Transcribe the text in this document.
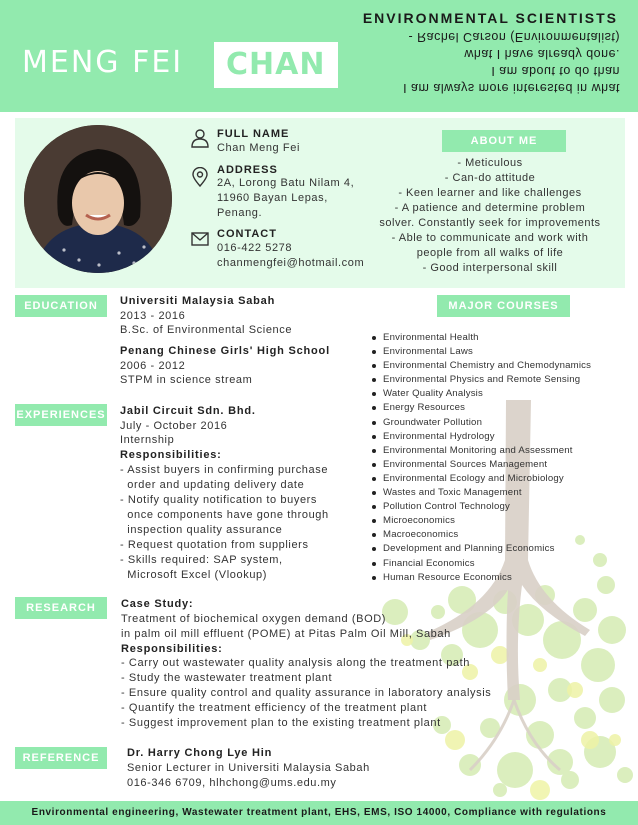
MENG FEI CHAN
ENVIRONMENTAL SCIENTISTS
I am always more interested in what
I am about to do than
what I have already done.
- Rachel Carson (Environmentalist)
FULL NAME
Chan Meng Fei
ADDRESS
2A, Lorong Batu Nilam 4,
11960 Bayan Lepas,
Penang.
CONTACT
016-422 5278
chanmengfei@hotmail.com
ABOUT ME
- Meticulous
- Can-do attitude
- Keen learner and like challenges
- A patience and determine problem
solver. Constantly seek for improvements
- Able to communicate and work with
people from all walks of life
- Good interpersonal skill
EDUCATION	Universiti Malaysia Sabah
2013 - 2016
B.Sc. of Environmental Science
Penang Chinese Girls' High School
2006 - 2012
STPM in science stream
MAJOR COURSES
Environmental Health
Environmental Laws
Environmental Chemistry and Chemodynamics
Environmental Physics and Remote Sensing
Water Quality Analysis
Energy Resources
Groundwater Pollution
Environmental Hydrology
Environmental Monitoring and Assessment
Environmental Sources Management
Environmental Ecology and Microbiology
Wastes and Toxic Management
Pollution Control Technology
Microeconomics
Macroeconomics
Development and Planning Economics
Financial Economics
Human Resource Economics
EXPERIENCES Jabil Circuit Sdn. Bhd.
July - October 2016
Internship
Responsibilities:
- Assist buyers in confirming purchase
order and updating delivery date
- Notify quality notification to buyers
once components have gone through
inspection quality assurance
- Request quotation from suppliers
- Skills required: SAP system,
Microsoft Excel (Vlookup)
RESEARCH	Case Study:
Treatment of biochemical oxygen demand (BOD)
in palm oil mill effluent (POME) at Pitas Palm Oil Mill, Sabah
Responsibilities:
- Carry out wastewater quality analysis along the treatment path
- Study the wastewater treatment plant
- Ensure quality control and quality assurance in laboratory analysis
- Quantify the treatment efficiency of the treatment plant
- Suggest improvement plan to the existing treatment plant
REFERENCE	Dr. Harry Chong Lye Hin
Senior Lecturer in Universiti Malaysia Sabah
016-346 6709, hlhchong@ums.edu.my
Environmental engineering, Wastewater treatment plant, EHS, EMS, ISO 14000, Compliance with regulations
